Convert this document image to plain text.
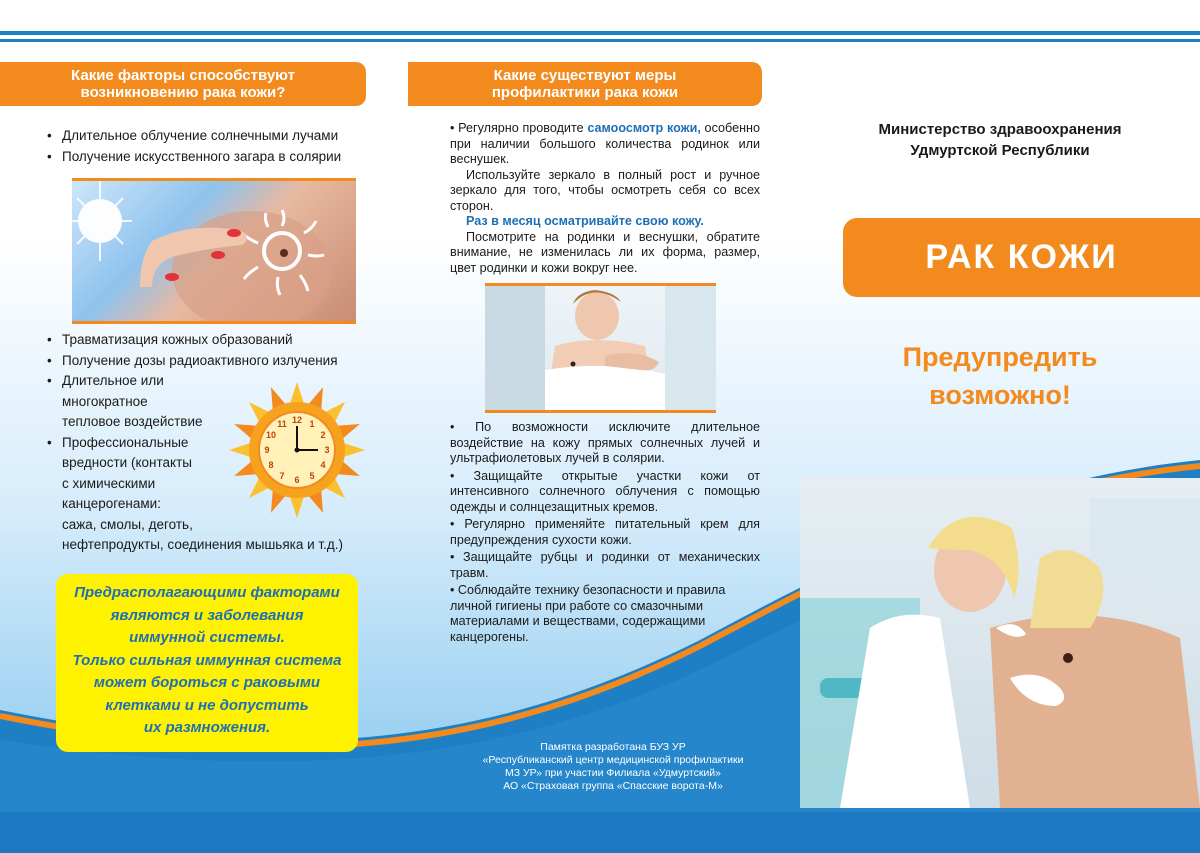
Какие факторы способствуют
возникновению рака кожи?
• Длительное облучение солнечными лучами
• Получение искусственного загара в солярии
• Травматизация кожных образований
• Получение дозы радиоактивного излучения
• Длительное или
многократное
тепловое воздействие
• Профессиональные
вредности (контакты
с химическими
канцерогенами:
сажа, смолы, деготь,
нефтепродукты, соединения мышьяка и т.д.)
12 1
2
3
4
5
6
7
8
9
10
11
Предрасполагающими факторами
являются и заболевания
иммунной системы.
Только сильная иммунная система
может бороться с раковыми
клетками и не допустить
их размножения.
Какие существуют меры
профилактики рака кожи

• Регулярно проводите самоосмотр кожи, особенно при наличии большого количества родинок или веснушек.

Используйте зеркало в полный рост и ручное зеркало для того, чтобы осмотреть себя со всех сторон.

Раз в месяц осматривайте свою кожу.

Посмотрите на родинки и веснушки, обратите внимание, не изменилась ли их форма, размер, цвет родинки и кожи вокруг нее.

• По возможности исключите длительное воздействие на кожу прямых солнечных лучей и ультрафиолетовых лучей в солярии.

• Защищайте открытые участки кожи от интенсивного солнечного облучения с помощью одежды и солнцезащитных кремов.

• Регулярно применяйте питательный крем для предупреждения сухости кожи.

• Защищайте рубцы и родинки от механических травм.

• Соблюдайте технику безопасности и правила личной гигиены при работе со смазочными материалами и веществами, содержащими канцерогены.

Памятка разработана БУЗ УР
«Республиканский центр медицинской профилактики
МЗ УР» при участии Филиала «Удмуртский»
АО «Страховая группа «Спасские ворота-М»
Министерство здравоохранения
Удмуртской Республики
РАК КОЖИ
Предупредить
возможно!
